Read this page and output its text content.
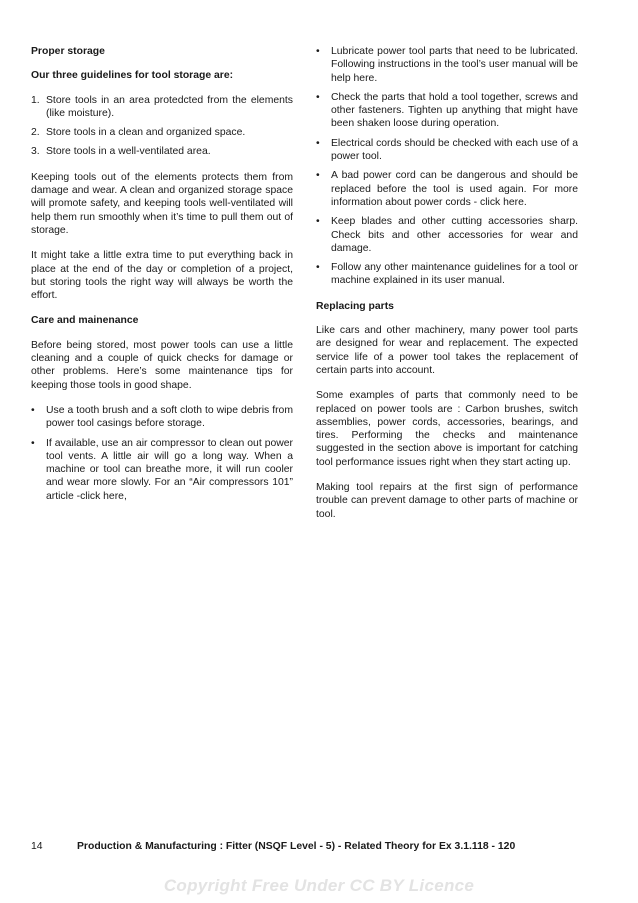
Proper storage
Our three guidelines for tool storage are:
1. Store tools in an area protedcted from the elements (like moisture).
2. Store tools in a clean and organized space.
3. Store tools in a well-ventilated area.

Keeping tools out of the elements protects them from damage and wear. A clean and organized storage space will promote safety, and keeping tools well-ventilated will help them run smoothly when it’s time to pull them out of storage.

It might take a little extra time to put everything back in place at the end of the day or completion of a project, but storing tools the right way will always be worth the effort.

Care and mainenance

Before being stored, most power tools can use a little cleaning and a couple of quick checks for damage or other problems. Here’s some maintenance tips for keeping those tools in good shape.

• Use a tooth brush and a soft cloth to wipe debris from power tool casings before storage.
• If available, use an air compressor to clean out power tool vents. A little air will go a long way. When a machine or tool can breathe more, it will run cooler and wear more slowly. For an “Air compressors 101” article -click here,
• Lubricate power tool parts that need to be lubricated. Following instructions in the tool’s user manual will be help here.
• Check the parts that hold a tool together, screws and other fasteners. Tighten up anything that might have been shaken loose during operation.
• Electrical cords should be checked with each use of a power tool.
• A bad power cord can be dangerous and should be replaced before the tool is used again. For more information about power cords - click here.
• Keep blades and other cutting accessories sharp. Check bits and other accessories for wear and damage.
• Follow any other maintenance guidelines for a tool or machine explained in its user manual.
Replacing parts

Like cars and other machinery, many power tool parts are designed for wear and replacement. The expected service life of a power tool takes the replacement of certain parts into account.

Some examples of parts that commonly need to be replaced on power tools are : Carbon brushes, switch assemblies, power cords, accessories, bearings, and tires. Performing the checks and maintenance suggested in the section above is important for catching tool performance issues right when they start acting up.

Making tool repairs at the first sign of performance trouble can prevent damage to other parts of machine or tool.

14	Production & Manufacturing : Fitter (NSQF Level - 5) - Related Theory for Ex 3.1.118 - 120
Copyright Free Under CC BY Licence
